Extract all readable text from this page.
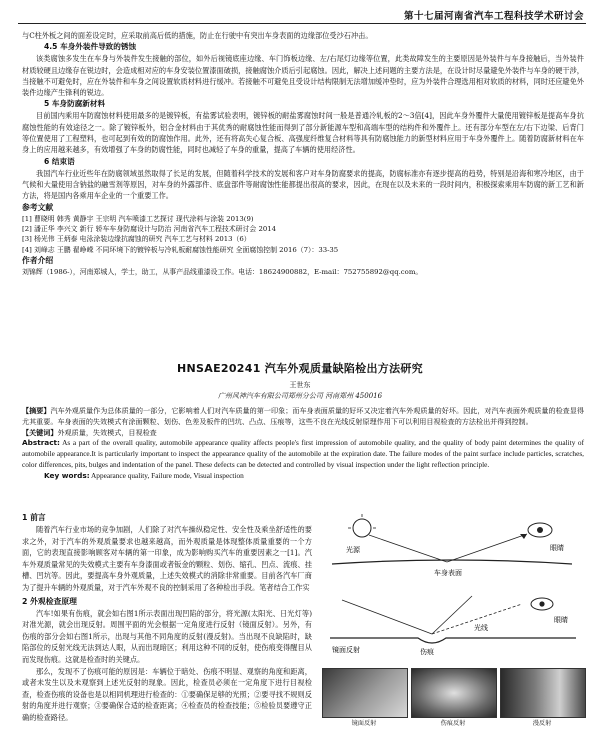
第十七届河南省汽车工程科技学术研讨会

与C柱外板之间的面差设定时，应采取前高后低的措施，防止在行驶中有突出车身表面的边缘部位受沙石冲击。

4.5 车身外装件导致的锈蚀

该类腐蚀多发生在车身与外装件发生接触的部位，如外后视镜底座边缘、车门饰板边缘、左/右尾灯边缘等位置，此类故障发生的主要原因是外装件与车身接触后，当外装件材质较硬且边缘存在锐边时，会造成相对应的车身安装位置漆面破损，接触腐蚀介质后引起腐蚀。因此，解决上述问题的主要方法是，在设计时尽量避免外装件与车身的硬干涉，当接触不可避免时，应在外装件和车身之间设置软质材料进行缓冲。若接触不可避免且受设计结构限制无法增加缓冲垫时，应为外装件合理选用相对软质的材料，同时还应避免外装件边缘产生锋利的锐边。

5 车身防腐新材料

目前国内乘用车防腐蚀材料使用最多的是镀锌板，有盐雾试验表明，镀锌板的耐盐雾腐蚀时间一般是普通冷轧板的2～3倍[4]，因此车身外覆件大量使用镀锌板是提高车身抗腐蚀性能的有效途径之一。除了镀锌板外，铝合金材料由于其优秀的耐腐蚀性能而得到了部分新能源车型和高端车型的结构件和外覆件上。还有部分车型在左/右下边梁、后背门等位置使用了工程塑料，也可起到有效的防腐蚀作用。此外，还有将高失心复合板、高强度纤维复合材料等具有防腐蚀能力的新型材料应用于车身外覆件上。随着防腐新材料在车身上的应用越来越多，有效增强了车身的防腐性能，同时也减轻了车身的重量，提高了车辆的使用经济性。

6 结束语

我国汽车行业近些年在防腐领域虽然取得了长足的发展，但随着科学技术的发展和客户对车身防腐要求的提高，防腐标准亦有逐步提高的趋势，特别是沿海和寒冷地区，由于气候和大量使用含钠盐的融雪剂等原因，对车身的外露部件、底盘部件等耐腐蚀性能都提出很高的要求，因此，在现在以及未来的一段时间内，积极探索乘用车防腐的新工艺和新方法，将是国内各乘用车企业的一个重要工作。

参考文献

[1] 曹晓明 韩秀 黄静宇 王宗明 汽车喷漆工艺探讨 现代涂料与涂装 2013(9)

[2] 潘正华 李兴文 新行 轿车车身防腐设计与防治 河南省汽车工程技术研讨会 2014

[3] 杨光伟 王炳泰 电泳涂装边缘抗腐蚀的研究 汽车工艺与材料 2013（6）

[4] 刘峰志 王鹏 翟峥嵘 不同环境下的镀锌板与冷轧板耐腐蚀性能研究 全面腐蚀控制 2016（7）：33-35

作者介绍

刘锦辉（1986-），河南郑城人，学士，助工，从事产品线重漆设工作。电话：18624900882，E-mail：752755892@qq.com。

HNSAE20241 汽车外观质量缺陷检出方法研究
王世东
广州风神汽车有限公司郑州分公司 河南郑州 450016

【摘要】汽车外观质量作为总体质量的一部分，它影响着人们对汽车质量的第一印象；而车身表面质量的好坏又决定着汽车外观质量的好坏。因此，对汽车表面外观质量的检查显得尤其重要。车身表面的失效模式有涂面颗粒、划伤、色差及板件的凹坑、凸点、压痕等，这些不良在光线反射原理作用下可以利用目视检查的方法检出并得到控制。

【关键词】外观质量，失效模式，目视检查

Abstract: As a part of the overall quality, automobile appearance quality affects people's first impression of automobile quality, and the quality of body paint determines the quality of automobile appearance.It is particularly important to inspect the appearance quality of the automobile at the expiration date. The failure modes of the paint surface include particles, scratches, color differences, pits, bulges and indentation of the panel. These defects can be detected and controlled by visual inspection under the light reflection principle.

Key words: Appearance quality, Failure mode, Visual inspection

1 前言

随着汽车行业市场的竞争加剧，人们除了对汽车操纵稳定性、安全性及乘坐舒适性的要求之外，对于汽车的外观质量要求也越来越高，而外观质量是体现整体质量重要的一个方面，它的表现直接影响顾客对车辆的第一印象，成为影响购买汽车的重要因素之一[1]。汽车外观质量常见的失效模式主要有车身漆面或者钣金的颗粒、划伤、缩孔、凹点、流痕、挂槽、凹坑等。因此，要提高车身外观质量，上述失效模式的消除非常重要。目前各汽车厂商为了提升车辆的外观质量，对于汽车外观不良的控制采用了各种检出手段。笔者结合工作实

2 外观检查原理

汽车!如果有伤痕，就会如右图1所示表面出现凹陷的部分，将光源(太阳光、日光灯等)对准光源，就会出现反射。周围平面的光会根据一定角度进行反射（镜面反射）。另外，有伤痕的部分会如右图1所示，出现与其他不同角度的反射(漫反射)。当出现不良缺陷时，缺陷部位的反射光线无法到达人眼，从而出现暗区；利用这种不同的反射，使伤痕变得醒目从而发现伤痕。这就是检查时的关键点。

那么，发现不了伤痕可能的原因是：车辆位于暗处、伤痕不明显、观察的角度和距离，或者未发生以及未观察到上述光反射的现象。因此，检查员必须在一定角度下进行目视检查，检查伤痕的设备也是以相同机理进行检查的：①要确保足够的光照；②要寻找不规则反射的角度并进行观察；③要确保合适的检查距离；④检查员的检查技能；⑤检验员要遵守正确的检查路径。

光源	眼睛
车身表面
镜面反射	伤痕
光线
眼睛
镜面反射	伤痕反射	漫反射
